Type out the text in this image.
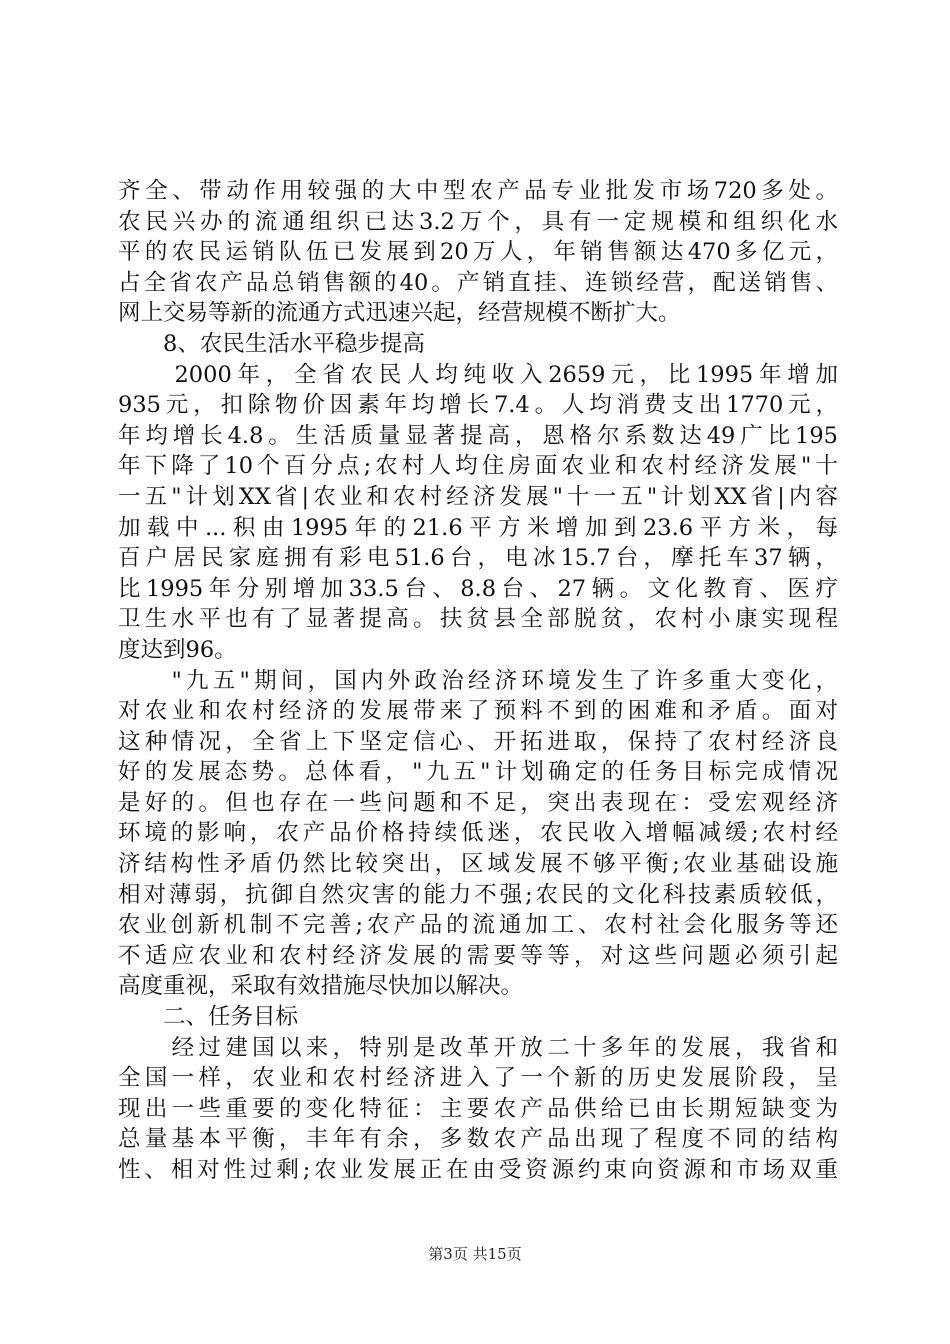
齐全、带动作用较强的大中型农产品专业批发市场720多处。
农民兴办的流通组织已达3.2万个，具有一定规模和组织化水
平的农民运销队伍已发展到20万人，年销售额达470多亿元，
占全省农产品总销售额的40。产销直挂、连锁经营，配送销售、
网上交易等新的流通方式迅速兴起，经营规模不断扩大。
　　8、农民生活水平稳步提高
　　2000年，全省农民人均纯收入2659元，比1995年增加
935元，扣除物价因素年均增长7.4。人均消费支出1770元，
年均增长4.8。生活质量显著提高，恩格尔系数达49广比195
年下降了10个百分点;农村人均住房面农业和农村经济发展"十
一五"计划XX省|农业和农村经济发展"十一五"计划XX省|内容
加载中...积由1995年的21.6平方米增加到23.6平方米，每
百户居民家庭拥有彩电51.6台，电冰15.7台，摩托车37辆，
比1995年分别增加33.5台、8.8台、27辆。文化教育、医疗
卫生水平也有了显著提高。扶贫县全部脱贫，农村小康实现程
度达到96。
　　"九五"期间，国内外政治经济环境发生了许多重大变化，
对农业和农村经济的发展带来了预料不到的困难和矛盾。面对
这种情况，全省上下坚定信心、开拓进取，保持了农村经济良
好的发展态势。总体看，"九五"计划确定的任务目标完成情况
是好的。但也存在一些问题和不足，突出表现在：受宏观经济
环境的影响，农产品价格持续低迷，农民收入增幅减缓;农村经
济结构性矛盾仍然比较突出，区域发展不够平衡;农业基础设施
相对薄弱，抗御自然灾害的能力不强;农民的文化科技素质较低，
农业创新机制不完善;农产品的流通加工、农村社会化服务等还
不适应农业和农村经济发展的需要等等，对这些问题必须引起
高度重视，采取有效措施尽快加以解决。
　　二、任务目标
　　经过建国以来，特别是改革开放二十多年的发展，我省和
全国一样，农业和农村经济进入了一个新的历史发展阶段，呈
现出一些重要的变化特征：主要农产品供给已由长期短缺变为
总量基本平衡，丰年有余，多数农产品出现了程度不同的结构
性、相对性过剩;农业发展正在由受资源约束向资源和市场双重
第3页 共15页
